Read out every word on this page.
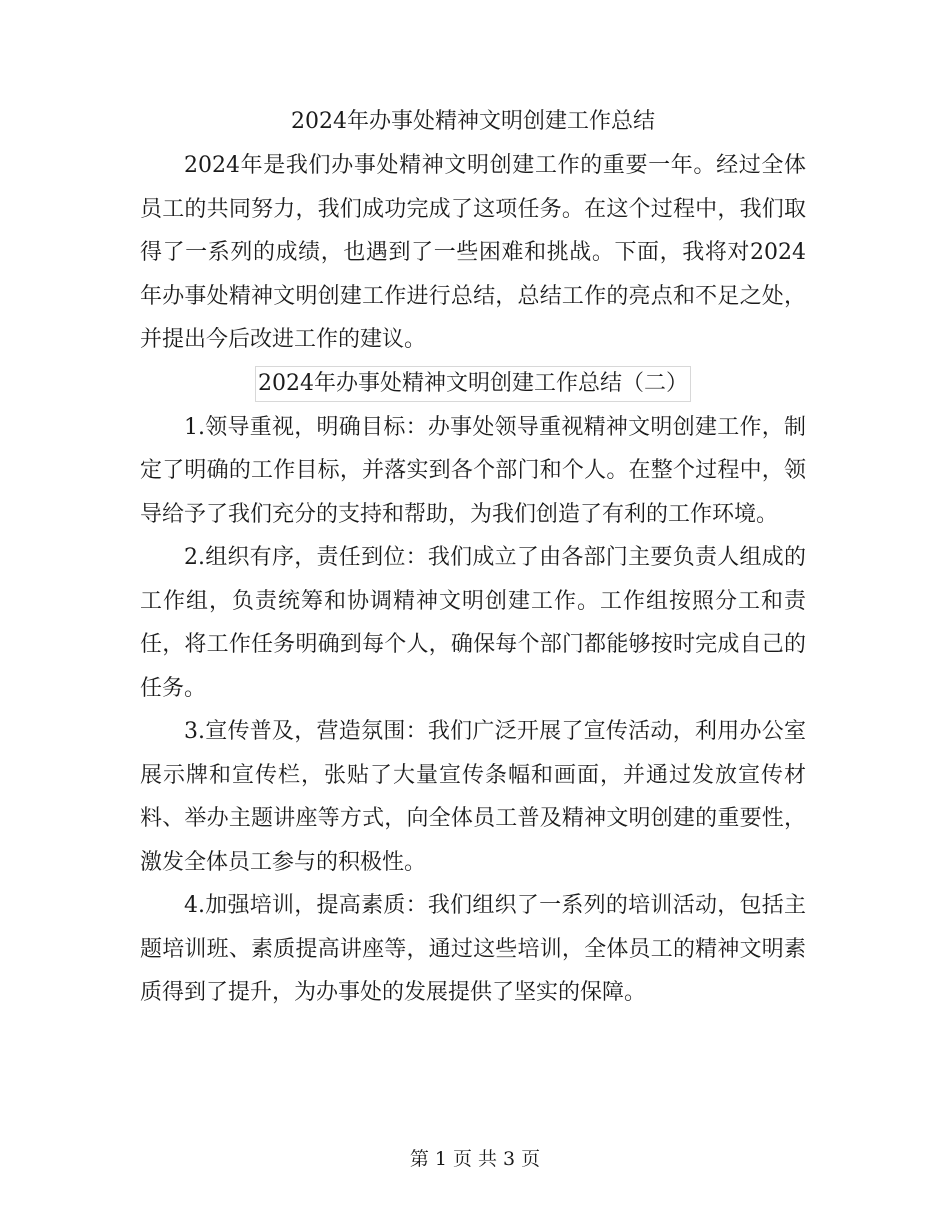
2024年办事处精神文明创建工作总结

2024年是我们办事处精神文明创建工作的重要一年。经过全体员工的共同努力，我们成功完成了这项任务。在这个过程中，我们取得了一系列的成绩，也遇到了一些困难和挑战。下面，我将对2024年办事处精神文明创建工作进行总结，总结工作的亮点和不足之处，并提出今后改进工作的建议。

2024年办事处精神文明创建工作总结（二）

1.领导重视，明确目标：办事处领导重视精神文明创建工作，制定了明确的工作目标，并落实到各个部门和个人。在整个过程中，领导给予了我们充分的支持和帮助，为我们创造了有利的工作环境。

2.组织有序，责任到位：我们成立了由各部门主要负责人组成的工作组，负责统筹和协调精神文明创建工作。工作组按照分工和责任，将工作任务明确到每个人，确保每个部门都能够按时完成自己的任务。

3.宣传普及，营造氛围：我们广泛开展了宣传活动，利用办公室展示牌和宣传栏，张贴了大量宣传条幅和画面，并通过发放宣传材料、举办主题讲座等方式，向全体员工普及精神文明创建的重要性，激发全体员工参与的积极性。

4.加强培训，提高素质：我们组织了一系列的培训活动，包括主题培训班、素质提高讲座等，通过这些培训，全体员工的精神文明素质得到了提升，为办事处的发展提供了坚实的保障。

第 1 页 共 3 页
